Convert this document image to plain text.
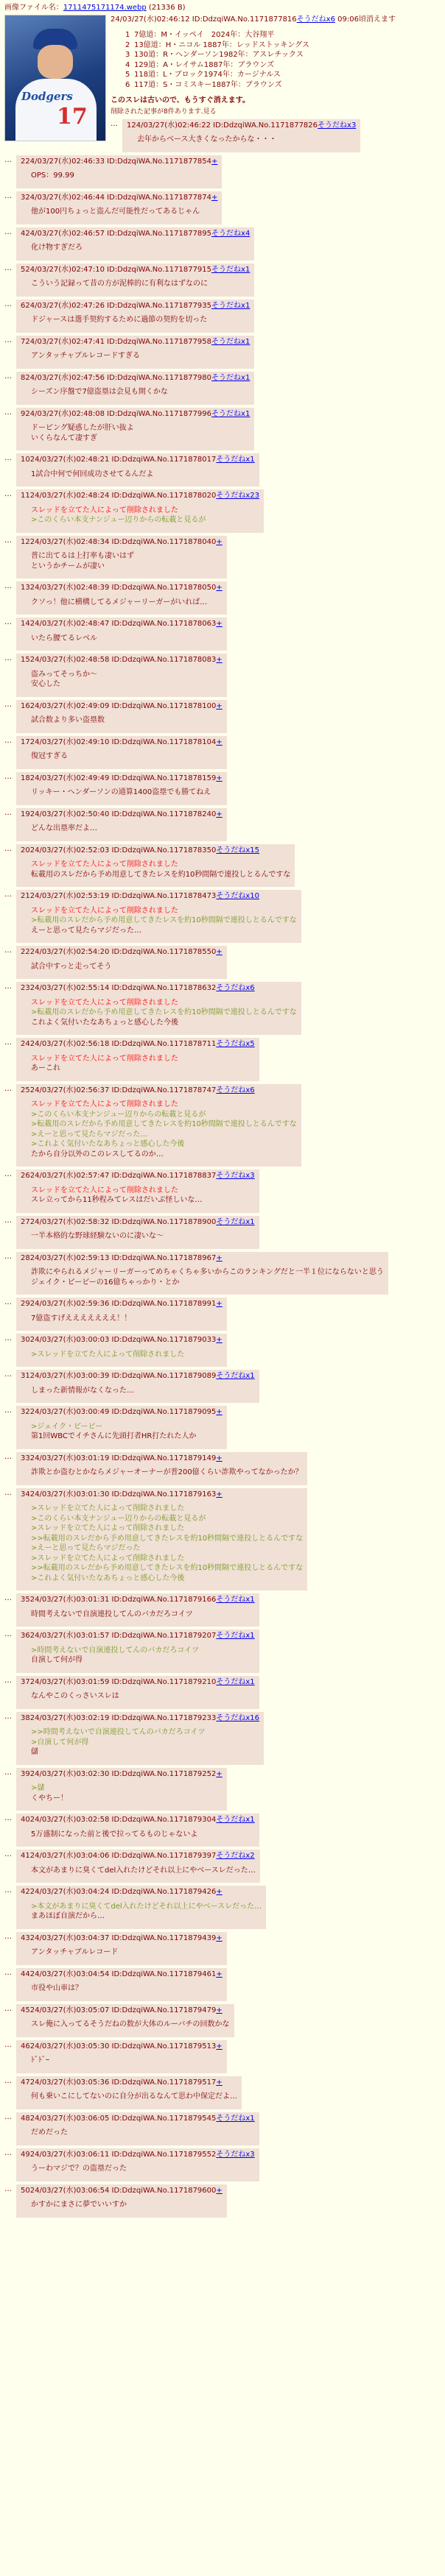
画像ファイル名：1711475171174.webp (21336 B)
Dodgers
17
24/03/27(水)02:46:12 ID:DdzqiWA.No.1171877816そうだねx6 09:06頃消えます
1 7億道：M・イッペイ　2024年：大谷翔平
2 13億道：H・ニコル 1887年：レッドストッキングス
3 130道：R・ヘンダーソン1982年：アスレチックス
4 129道：A・レイサム1887年：ブラウンズ
5 118道：L・ブロック1974年：カージナルス
6 117道：S・コミスキー1887年：ブラウンズ
このスレは古いので、もうすぐ消えます。
削除された記事が8件あります.見る
…	124/03/27(水)02:46:22 ID:DdzqiWA.No.1171877826そうだねx3
去年からベース大きくなったからな・・・
…	224/03/27(水)02:46:33 ID:DdzqiWA.No.1171877854+
OPS：99.99
…	324/03/27(水)02:46:44 ID:DdzqiWA.No.1171877874+
他が100円ちょっと盗んだ可能性だってあるじゃん
…	424/03/27(水)02:46:57 ID:DdzqiWA.No.1171877895そうだねx4
化け物すぎだろ
…	524/03/27(水)02:47:10 ID:DdzqiWA.No.1171877915そうだねx1
こういう記録って昔の方が泥棒的に有利なはずなのに
…	624/03/27(水)02:47:26 ID:DdzqiWA.No.1171877935そうだねx1
ドジャースは選手契約するために過節の契約を切った
…	724/03/27(水)02:47:41 ID:DdzqiWA.No.1171877958そうだねx1
アンタッチャブルレコードすぎる
…	824/03/27(水)02:47:56 ID:DdzqiWA.No.1171877980そうだねx1
シーズン序盤で7億盗塁は会見も開くかな
…	924/03/27(水)02:48:08 ID:DdzqiWA.No.1171877996そうだねx1
ドーピング疑惑したが肝い抜よ
いくらなんて凄すぎ
…	1024/03/27(水)02:48:21 ID:DdzqiWA.No.1171878017そうだねx1
1試合中何で何回成功させてるんだよ
…	1124/03/27(水)02:48:24 ID:DdzqiWA.No.1171878020そうだねx23
スレッドを立てた人によって削除されました
>このくらい本支ナンジュー辺りからの転載と見るが
…	1224/03/27(水)02:48:34 ID:DdzqiWA.No.1171878040+
普に出てるは上打率も凄いはず
というかチームが凄い
…	1324/03/27(水)02:48:39 ID:DdzqiWA.No.1171878050+
クソっ！他に横構してるメジャーリーガーがいれば…
…	1424/03/27(水)02:48:47 ID:DdzqiWA.No.1171878063+
いたら腰てるレベル
…	1524/03/27(水)02:48:58 ID:DdzqiWA.No.1171878083+
盗みってそっちか～
安心した
…	1624/03/27(水)02:49:09 ID:DdzqiWA.No.1171878100+
試合数より多い盗塁数
…	1724/03/27(水)02:49:10 ID:DdzqiWA.No.1171878104+
復冠すぎる
…	1824/03/27(水)02:49:49 ID:DdzqiWA.No.1171878159+
リッキー・ヘンダーソンの通算1400盗塁でも勝てねえ
…	1924/03/27(水)02:50:40 ID:DdzqiWA.No.1171878240+
どんな出塁率だよ…
…	2024/03/27(水)02:52:03 ID:DdzqiWA.No.1171878350そうだねx15
スレッドを立てた人によって削除されました
転載用のスレだから予め用意してきたレスを約10秒間隔で連投しとるんですな
…	2124/03/27(水)02:53:19 ID:DdzqiWA.No.1171878473そうだねx10
スレッドを立てた人によって削除されました
>転載用のスレだから予め用意してきたレスを約10秒間隔で連投しとるんですな
えーと思って見たらマジだった…
…	2224/03/27(水)02:54:20 ID:DdzqiWA.No.1171878550+
試合中すっと走ってそう
…	2324/03/27(水)02:55:14 ID:DdzqiWA.No.1171878632そうだねx6
スレッドを立てた人によって削除されました
>転載用のスレだから予め用意してきたレスを約10秒間隔で連投しとるんですな
これよく気付いたなあちょっと感心した今後
…	2424/03/27(水)02:56:18 ID:DdzqiWA.No.1171878711そうだねx5
スレッドを立てた人によって削除されました
あーこれ
…	2524/03/27(水)02:56:37 ID:DdzqiWA.No.1171878747そうだねx6
スレッドを立てた人によって削除されました
>このくらい本支ナンジュー辺りからの転載と見るが
>転載用のスレだから予め用意してきたレスを約10秒間隔で連投しとるんですな
>えーと思って見たらマジだった…
>これよく気付いたなあちょっと感心した今後
たから自分以外のこのレスしてるのか…
…	2624/03/27(水)02:57:47 ID:DdzqiWA.No.1171878837そうだねx3
スレッドを立てた人によって削除されました
スレ立ってから11秒程みてレスはだいぶ怪しいな…
…	2724/03/27(水)02:58:32 ID:DdzqiWA.No.1171878900そうだねx1
一半本格的な野球経験ないのに凄いな～
…	2824/03/27(水)02:59:13 ID:DdzqiWA.No.1171878967+
詐欺にやられるメジャーリーガーってめちゃくちゃ多いからこのランキングだと一半１位にならないと思う
ジェイク・ピービーの16億ちゃっかり・とか
…	2924/03/27(水)02:59:36 ID:DdzqiWA.No.1171878991+
7億盗すげえええええええ！！
…	3024/03/27(水)03:00:03 ID:DdzqiWA.No.1171879033+
>スレッドを立てた人によって削除されました
…	3124/03/27(水)03:00:39 ID:DdzqiWA.No.1171879089そうだねx1
しまった新情報がなくなった…
…	3224/03/27(水)03:00:49 ID:DdzqiWA.No.1171879095+
>ジェイク・ピービー
第1回WBCでイチさんに先頭打者HR打たれた人か
…	3324/03/27(水)03:01:19 ID:DdzqiWA.No.1171879149+
詐欺とか盗むとかならメジャーオーナーが普200億くらい詐欺やってなかったか？
…	3424/03/27(水)03:01:30 ID:DdzqiWA.No.1171879163+
>スレッドを立てた人によって削除されました
>このくらい本支ナンジュー辺りからの転載と見るが
>スレッドを立てた人によって削除されました
>>転載用のスレだから予め用意してきたレスを約10秒間隔で連投しとるんですな
>えーと思って見たらマジだった
>スレッドを立てた人によって削除されました
>>転載用のスレだから予め用意してきたレスを約10秒間隔で連投しとるんですな
>これよく気付いたなあちょっと感心した今後
…	3524/03/27(水)03:01:31 ID:DdzqiWA.No.1171879166そうだねx1
時間考えないで自演連投してんのバカだろコイツ
…	3624/03/27(水)03:01:57 ID:DdzqiWA.No.1171879207そうだねx1
>時間考えないで自演連投してんのバカだろコイツ
自演して何が得
…	3724/03/27(水)03:01:59 ID:DdzqiWA.No.1171879210そうだねx1
なんやこのくっさいスレは
…	3824/03/27(水)03:02:19 ID:DdzqiWA.No.1171879233そうだねx16
>>時間考えないで自演連投してんのバカだろコイツ
>自演して何が得
儲
…	3924/03/27(水)03:02:30 ID:DdzqiWA.No.1171879252+
>儲
くやちー！
…	4024/03/27(水)03:02:58 ID:DdzqiWA.No.1171879304そうだねx1
5万盛制になった前と後で拉ってるものじゃないよ
…	4124/03/27(水)03:04:06 ID:DdzqiWA.No.1171879397そうだねx2
本文があまりに臭くてdel入れたけどそれ以上にやベースレだった…
…	4224/03/27(水)03:04:24 ID:DdzqiWA.No.1171879426+
>本文があまりに臭くてdel入れたけどそれ以上にやベースレだった…
まあほぼ自演だから…
…	4324/03/27(水)03:04:37 ID:DdzqiWA.No.1171879439+
アンタッチャブルレコード
…	4424/03/27(水)03:04:54 ID:DdzqiWA.No.1171879461+
市役や山車は？
…	4524/03/27(水)03:05:07 ID:DdzqiWA.No.1171879479+
スレ俺に入ってるそうだねの数が大体のルーバチの回数かな
…	4624/03/27(水)03:05:30 ID:DdzqiWA.No.1171879513+
ﾄﾞﾄﾞｰ
…	4724/03/27(水)03:05:36 ID:DdzqiWA.No.1171879517+
何も乗いこにしてないのに自分が出るなんて思わ中保定だよ…
…	4824/03/27(水)03:06:05 ID:DdzqiWA.No.1171879545そうだねx1
だめだった
…	4924/03/27(水)03:06:11 ID:DdzqiWA.No.1171879552そうだねx3
うーわマジで？の盗塁だった
…	5024/03/27(水)03:06:54 ID:DdzqiWA.No.1171879600+
かすかにまさに夢でいいすか
